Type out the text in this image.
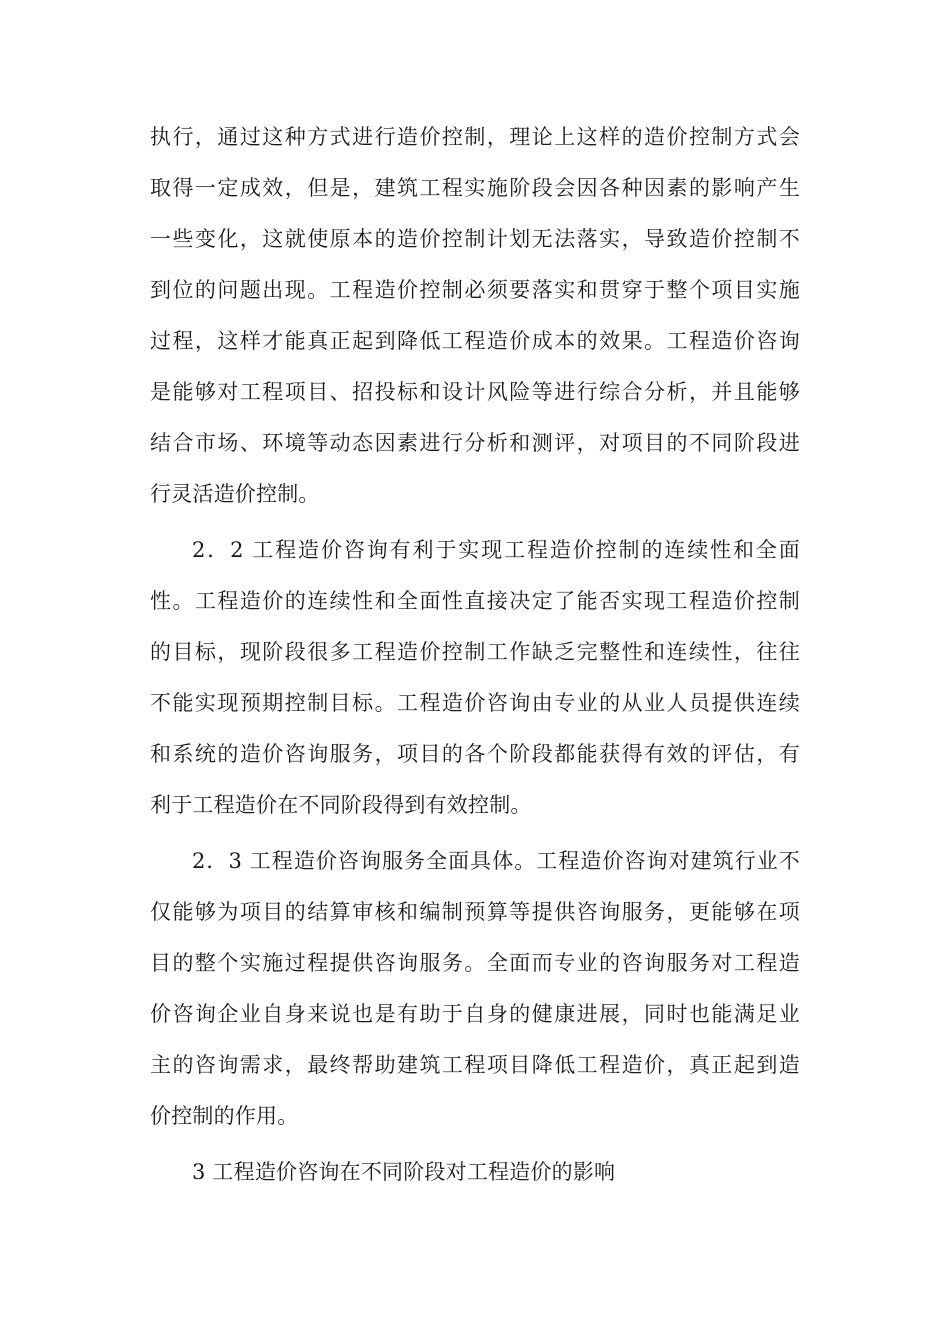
执行，通过这种方式进行造价控制，理论上这样的造价控制方式会
取得一定成效，但是，建筑工程实施阶段会因各种因素的影响产生
一些变化，这就使原本的造价控制计划无法落实，导致造价控制不
到位的问题出现。工程造价控制必须要落实和贯穿于整个项目实施
过程，这样才能真正起到降低工程造价成本的效果。工程造价咨询
是能够对工程项目、招投标和设计风险等进行综合分析，并且能够
结合市场、环境等动态因素进行分析和测评，对项目的不同阶段进
行灵活造价控制。
2．2 工程造价咨询有利于实现工程造价控制的连续性和全面
性。工程造价的连续性和全面性直接决定了能否实现工程造价控制
的目标，现阶段很多工程造价控制工作缺乏完整性和连续性，往往
不能实现预期控制目标。工程造价咨询由专业的从业人员提供连续
和系统的造价咨询服务，项目的各个阶段都能获得有效的评估，有
利于工程造价在不同阶段得到有效控制。
2．3 工程造价咨询服务全面具体。工程造价咨询对建筑行业不
仅能够为项目的结算审核和编制预算等提供咨询服务，更能够在项
目的整个实施过程提供咨询服务。全面而专业的咨询服务对工程造
价咨询企业自身来说也是有助于自身的健康进展，同时也能满足业
主的咨询需求，最终帮助建筑工程项目降低工程造价，真正起到造
价控制的作用。
3 工程造价咨询在不同阶段对工程造价的影响
